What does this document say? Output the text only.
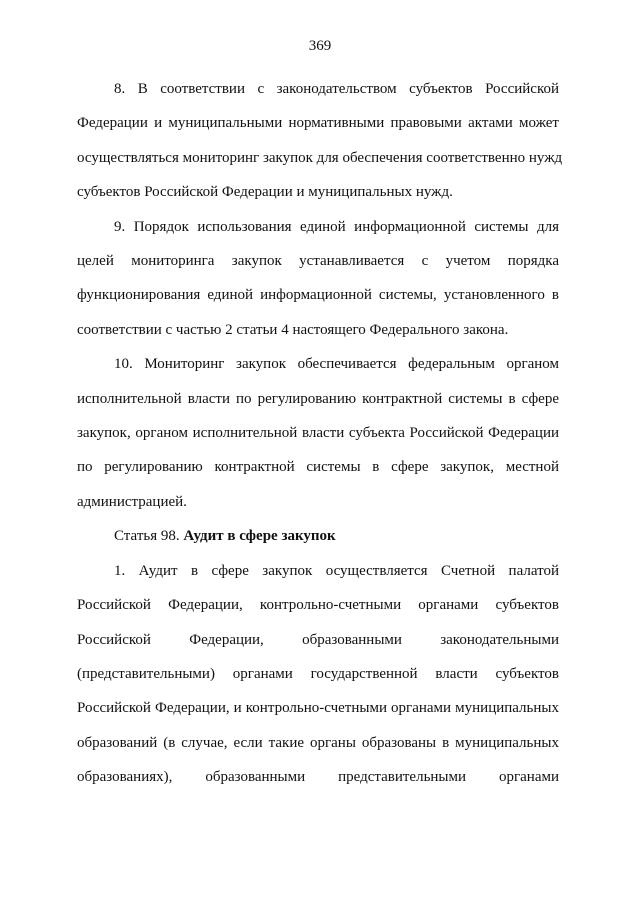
369

8. В соответствии с законодательством субъектов Российской
Федерации и муниципальными нормативными правовыми актами может
осуществляться мониторинг закупок для обеспечения соответственно нужд
субъектов Российской Федерации и муниципальных нужд.

9. Порядок использования единой информационной системы для
целей мониторинга закупок устанавливается с учетом порядка
функционирования единой информационной системы, установленного в
соответствии с частью 2 статьи 4 настоящего Федерального закона.

10. Мониторинг закупок обеспечивается федеральным органом
исполнительной власти по регулированию контрактной системы в сфере
закупок, органом исполнительной власти субъекта Российской Федерации
по регулированию контрактной системы в сфере закупок, местной
администрацией.

Статья 98. Аудит в сфере закупок

1. Аудит в сфере закупок осуществляется Счетной палатой
Российской Федерации, контрольно-счетными органами субъектов
Российской Федерации, образованными законодательными
(представительными) органами государственной власти субъектов
Российской Федерации, и контрольно-счетными органами муниципальных
образований (в случае, если такие органы образованы в муниципальных
образованиях), образованными представительными органами
